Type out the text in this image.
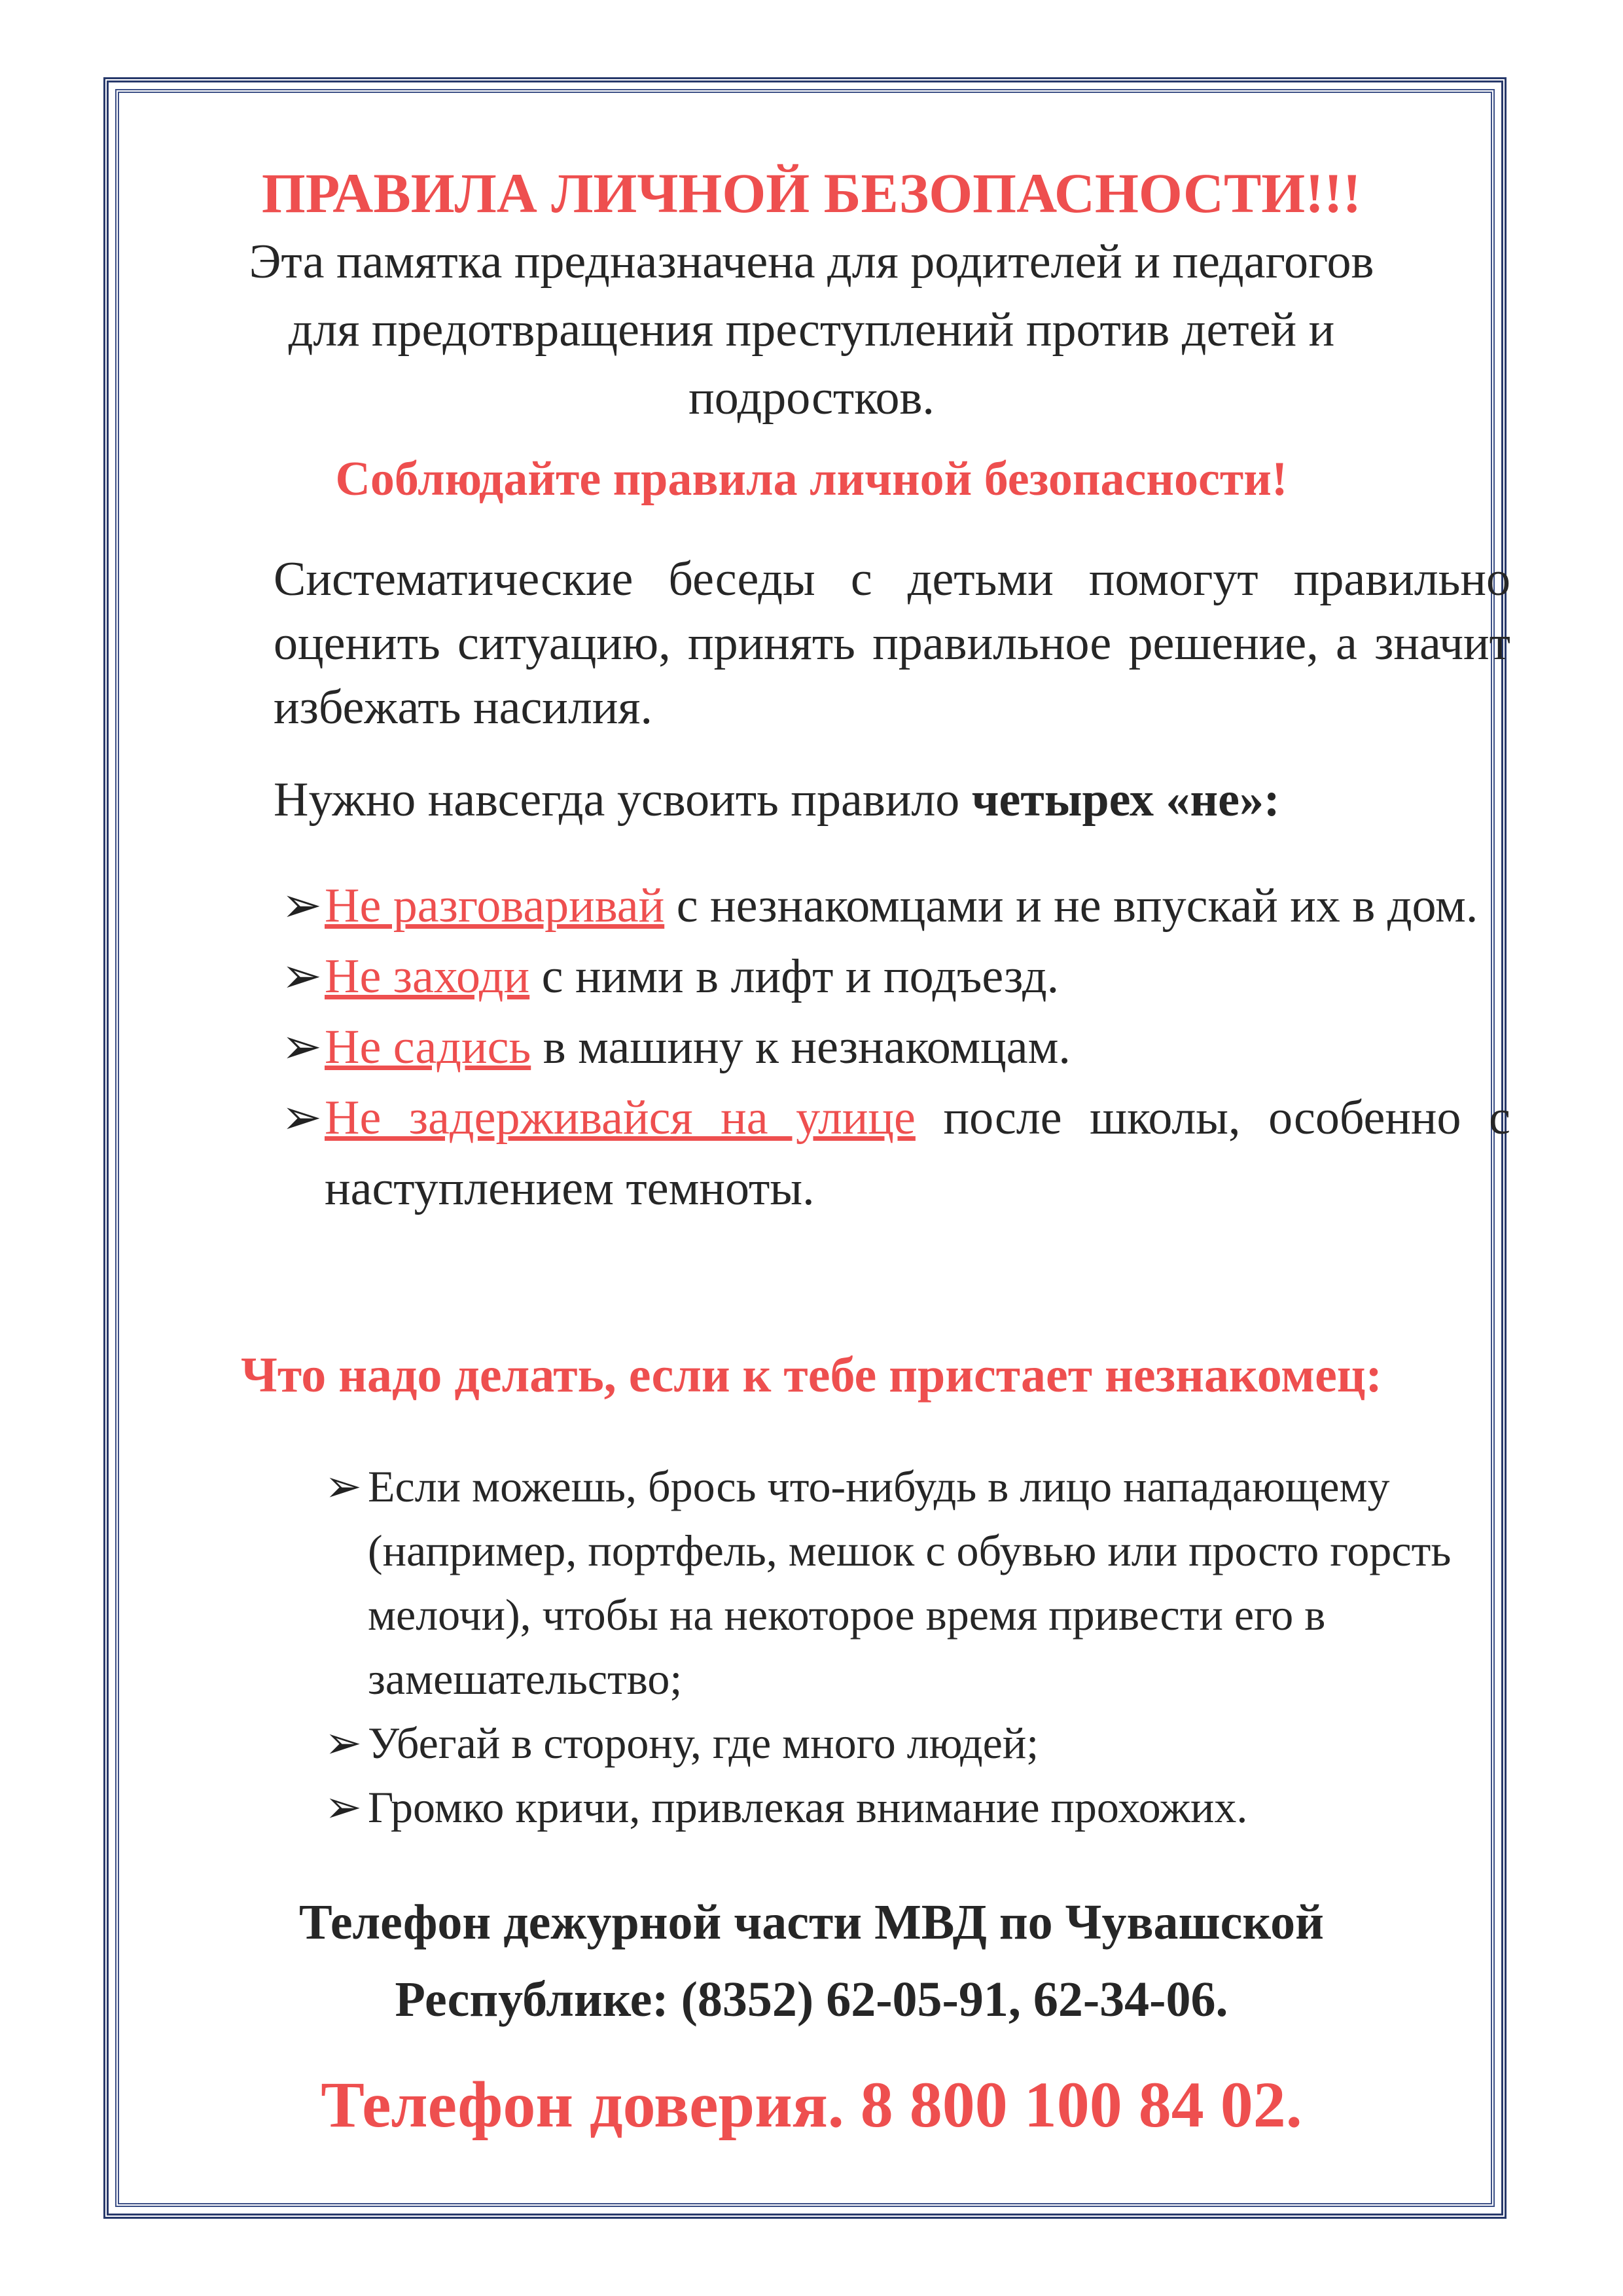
ПРАВИЛА ЛИЧНОЙ БЕЗОПАСНОСТИ!!!

Эта памятка предназначена для родителей и педагогов
для предотвращения преступлений против детей и
подростков.

Соблюдайте правила личной безопасности!

Систематические беседы с детьми помогут правильно оценить ситуацию, принять правильное решение, а значит избежать насилия.

Нужно навсегда усвоить правило четырех «не»:

➢ Не разговаривай с незнакомцами и не впускай их в дом.
➢ Не заходи с ними в лифт и подъезд.
➢ Не садись в машину к незнакомцам.
➢ Не задерживайся на улице после школы, особенно с наступлением темноты.
Что надо делать, если к тебе пристает незнакомец:
➢ Если можешь, брось что-нибудь в лицо нападающему (например, портфель, мешок с обувью или просто горсть мелочи), чтобы на некоторое время привести его в замешательство;
➢ Убегай в сторону, где много людей;
➢ Громко кричи, привлекая внимание прохожих.

Телефон дежурной части МВД по Чувашской
Республике: (8352) 62-05-91, 62-34-06.

Телефон доверия. 8 800 100 84 02.
